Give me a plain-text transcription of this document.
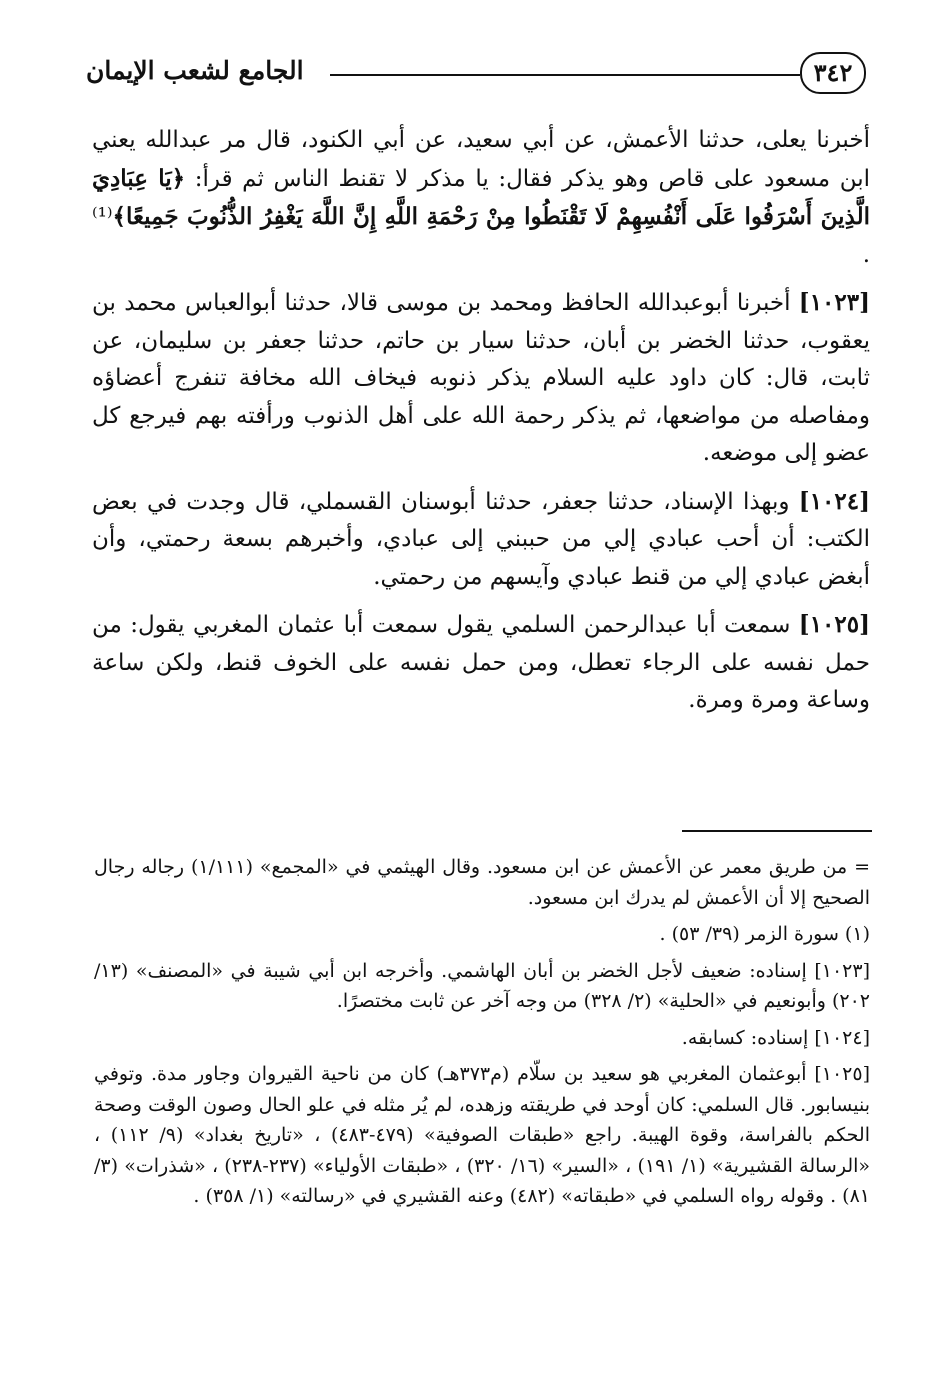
٣٤٢
الجامع لشعب الإيمان

أخبرنا يعلى، حدثنا الأعمش، عن أبي سعيد، عن أبي الكنود، قال مر عبدالله يعني ابن مسعود على قاص وهو يذكر فقال: يا مذكر لا تقنط الناس ثم قرأ: ﴿يَا عِبَادِيَ الَّذِينَ أَسْرَفُوا عَلَى أَنْفُسِهِمْ لَا تَقْنَطُوا مِنْ رَحْمَةِ اللَّهِ إِنَّ اللَّهَ يَغْفِرُ الذُّنُوبَ جَمِيعًا﴾⁽¹⁾ .

[١٠٢٣] أخبرنا أبوعبدالله الحافظ ومحمد بن موسى قالا، حدثنا أبوالعباس محمد بن يعقوب، حدثنا الخضر بن أبان، حدثنا سيار بن حاتم، حدثنا جعفر بن سليمان، عن ثابت، قال: كان داود عليه السلام يذكر ذنوبه فيخاف الله مخافة تنفرج أعضاؤه ومفاصله من مواضعها، ثم يذكر رحمة الله على أهل الذنوب ورأفته بهم فيرجع كل عضو إلى موضعه.

[١٠٢٤] وبهذا الإسناد، حدثنا جعفر، حدثنا أبوسنان القسملي، قال وجدت في بعض الكتب: أن أحب عبادي إلي من حببني إلى عبادي، وأخبرهم بسعة رحمتي، وأن أبغض عبادي إلي من قنط عبادي وآيسهم من رحمتي.

[١٠٢٥] سمعت أبا عبدالرحمن السلمي يقول سمعت أبا عثمان المغربي يقول: من حمل نفسه على الرجاء تعطل، ومن حمل نفسه على الخوف قنط، ولكن ساعة وساعة ومرة ومرة.

= من طريق معمر عن الأعمش عن ابن مسعود. وقال الهيثمي في «المجمع» (١/١١١) رجاله رجال الصحيح إلا أن الأعمش لم يدرك ابن مسعود.

(١) سورة الزمر (٣٩/ ٥٣) .

[١٠٢٣] إسناده: ضعيف لأجل الخضر بن أبان الهاشمي. وأخرجه ابن أبي شيبة في «المصنف» (١٣/ ٢٠٢) وأبونعيم في «الحلية» (٢/ ٣٢٨) من وجه آخر عن ثابت مختصرًا.

[١٠٢٤] إسناده: كسابقه.

[١٠٢٥] أبوعثمان المغربي هو سعيد بن سلّام (م٣٧٣هـ) كان من ناحية القيروان وجاور مدة. وتوفي بنيسابور. قال السلمي: كان أوحد في طريقته وزهده، لم يُر مثله في علو الحال وصون الوقت وصحة الحكم بالفراسة، وقوة الهيبة. راجع «طبقات الصوفية» (٤٧٩-٤٨٣) ، «تاريخ بغداد» (٩/ ١١٢) ، «الرسالة القشيرية» (١/ ١٩١) ، «السير» (١٦/ ٣٢٠) ، «طبقات الأولياء» (٢٣٧-٢٣٨) ، «شذرات» (٣/ ٨١) . وقوله رواه السلمي في «طبقاته» (٤٨٢) وعنه القشيري في «رسالته» (١/ ٣٥٨) .
